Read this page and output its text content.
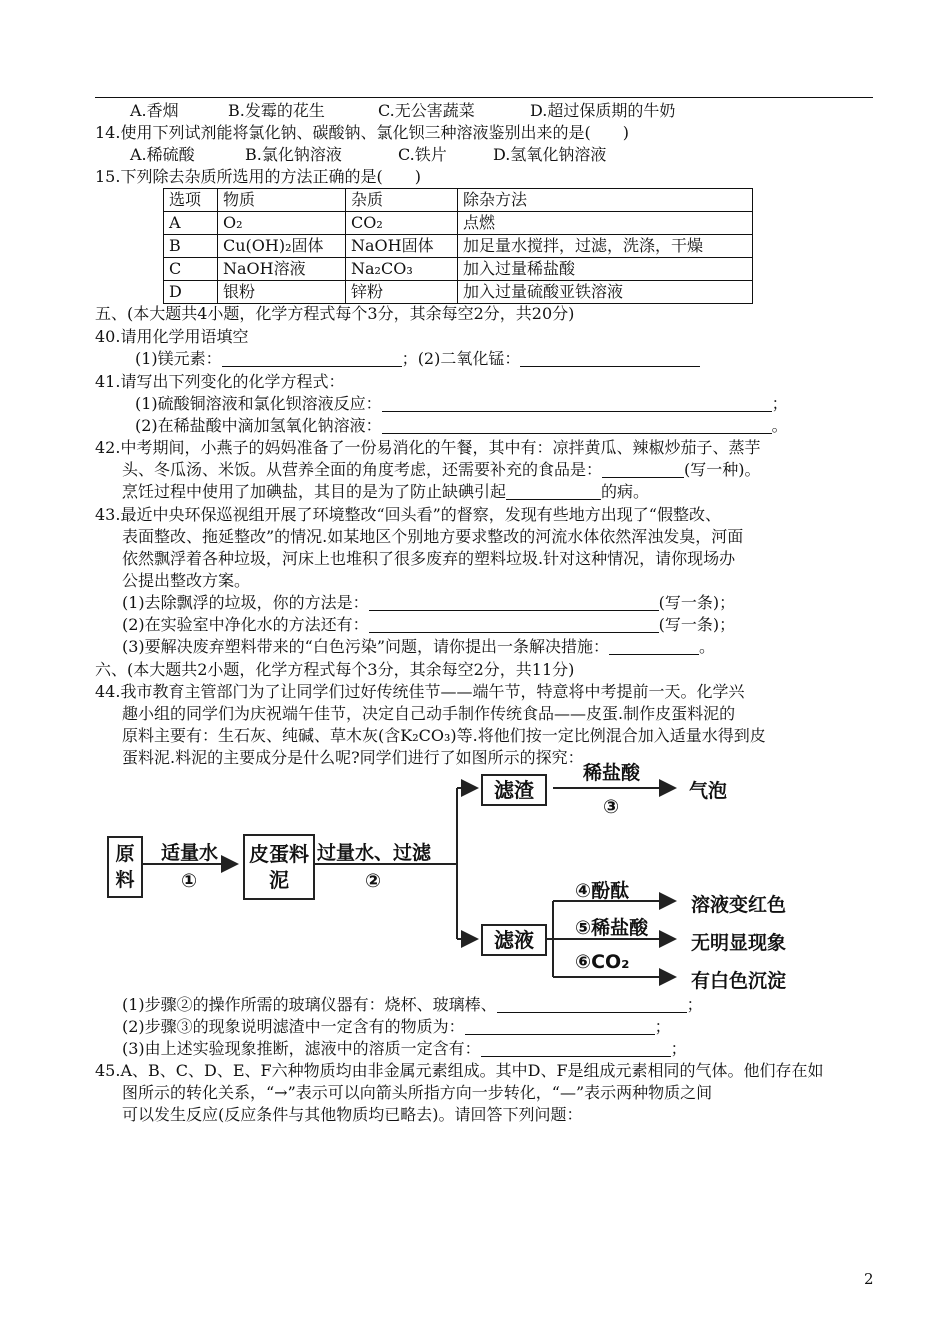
A.香烟	B.发霉的花生	C.无公害蔬菜	D.超过保质期的牛奶
14.使用下列试剂能将氯化钠、碳酸钠、氯化钡三种溶液鉴别出来的是(　　)
A.稀硫酸	B.氯化钠溶液	C.铁片	D.氢氧化钠溶液
15.下列除去杂质所选用的方法正确的是(　　)
选项	物质	杂质	除杂方法
A	O₂	CO₂	点燃
B	Cu(OH)₂固体	NaOH固体	加足量水搅拌，过滤，洗涤，干燥
C	NaOH溶液	Na₂CO₃	加入过量稀盐酸
D	银粉	锌粉	加入过量硫酸亚铁溶液
五、(本大题共4小题，化学方程式每个3分，其余每空2分，共20分)
40.请用化学用语填空
(1)镁元素：	；(2)二氧化锰：
41.请写出下列变化的化学方程式：
(1)硫酸铜溶液和氯化钡溶液反应：	；
(2)在稀盐酸中滴加氢氧化钠溶液：	。
42.中考期间，小燕子的妈妈准备了一份易消化的午餐，其中有：凉拌黄瓜、辣椒炒茄子、蒸芋
头、冬瓜汤、米饭。从营养全面的角度考虑，还需要补充的食品是：	(写一种)。
烹饪过程中使用了加碘盐，其目的是为了防止缺碘引起	的病。
43.最近中央环保巡视组开展了环境整改“回头看”的督察，发现有些地方出现了“假整改、
表面整改、拖延整改”的情况.如某地区个别地方要求整改的河流水体依然浑浊发臭，河面
依然飘浮着各种垃圾，河床上也堆积了很多废弃的塑料垃圾.针对这种情况，请你现场办
公提出整改方案。
(1)去除飘浮的垃圾，你的方法是：	(写一条)；
(2)在实验室中净化水的方法还有：	(写一条)；
(3)要解决废弃塑料带来的“白色污染”问题，请你提出一条解决措施：	。
六、(本大题共2小题，化学方程式每个3分，其余每空2分，共11分)
44.我市教育主管部门为了让同学们过好传统佳节——端午节，特意将中考提前一天。化学兴
趣小组的同学们为庆祝端午佳节，决定自己动手制作传统食品——皮蛋.制作皮蛋料泥的
原料主要有：生石灰、纯碱、草木灰(含K₂CO₃)等.将他们按一定比例混合加入适量水得到皮
蛋料泥.料泥的主要成分是什么呢?同学们进行了如图所示的探究：
原料
适量水
①
皮蛋料泥
过量水、过滤
②
滤渣
稀盐酸
③
气泡
滤液
④酚酞
溶液变红色
⑤稀盐酸
无明显现象
⑥CO₂
有白色沉淀
(1)步骤②的操作所需的玻璃仪器有：烧杯、玻璃棒、	；
(2)步骤③的现象说明滤渣中一定含有的物质为：	；
(3)由上述实验现象推断，滤液中的溶质一定含有：	；
45.A、B、C、D、E、F六种物质均由非金属元素组成。其中D、F是组成元素相同的气体。他们存在如
图所示的转化关系，“→”表示可以向箭头所指方向一步转化，“—”表示两种物质之间
可以发生反应(反应条件与其他物质均已略去)。请回答下列问题：
2
